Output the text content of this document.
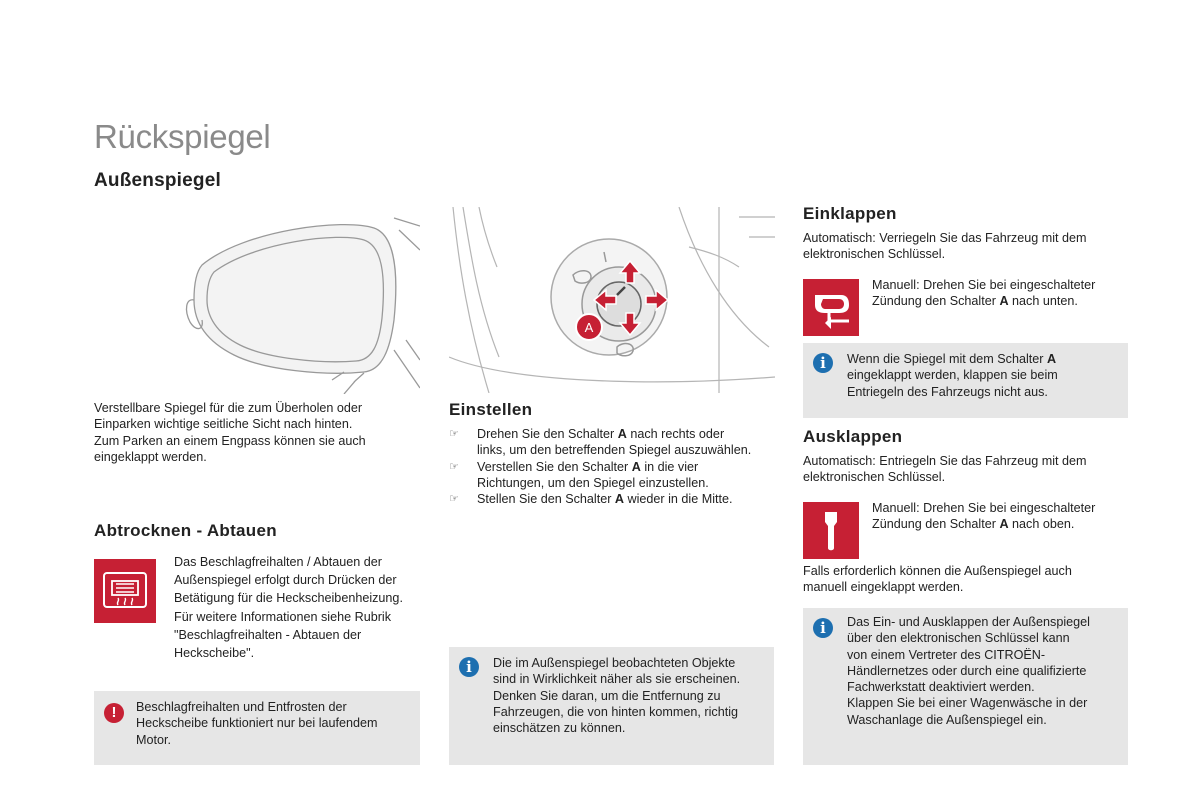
Rückspiegel
Außenspiegel

Verstellbare Spiegel für die zum Überholen oder

Einparken wichtige seitliche Sicht nach hinten.

Zum Parken an einem Engpass können sie auch

eingeklappt werden.

Abtrocknen - Abtauen

Das Beschlagfreihalten / Abtauen der

Außenspiegel erfolgt durch Drücken der

Betätigung für die Heckscheibenheizung.

Für weitere Informationen siehe Rubrik

"Beschlagfreihalten - Abtauen der

Heckscheibe".

!	Beschlagfreihalten und Entfrosten der

Heckscheibe funktioniert nur bei laufendem

Motor.

A
Einstellen
☞ Drehen Sie den Schalter A nach rechts oder
links, um den betreffenden Spiegel auszuwählen.
☞ Verstellen Sie den Schalter A in die vier
Richtungen, um den Spiegel einzustellen.
☞ Stellen Sie den Schalter A wieder in die Mitte.
i	Die im Außenspiegel beobachteten Objekte

sind in Wirklichkeit näher als sie erscheinen.

Denken Sie daran, um die Entfernung zu

Fahrzeugen, die von hinten kommen, richtig

einschätzen zu können.

Einklappen

Automatisch: Verriegeln Sie das Fahrzeug mit dem

elektronischen Schlüssel.

Manuell: Drehen Sie bei eingeschalteter

Zündung den Schalter A nach unten.

i	Wenn die Spiegel mit dem Schalter A

eingeklappt werden, klappen sie beim

Entriegeln des Fahrzeugs nicht aus.

Ausklappen

Automatisch: Entriegeln Sie das Fahrzeug mit dem

elektronischen Schlüssel.

Manuell: Drehen Sie bei eingeschalteter

Zündung den Schalter A nach oben.

Falls erforderlich können die Außenspiegel auch

manuell eingeklappt werden.

i	Das Ein- und Ausklappen der Außenspiegel

über den elektronischen Schlüssel kann

von einem Vertreter des CITROËN-

Händlernetzes oder durch eine qualifizierte

Fachwerkstatt deaktiviert werden.

Klappen Sie bei einer Wagenwäsche in der

Waschanlage die Außenspiegel ein.
